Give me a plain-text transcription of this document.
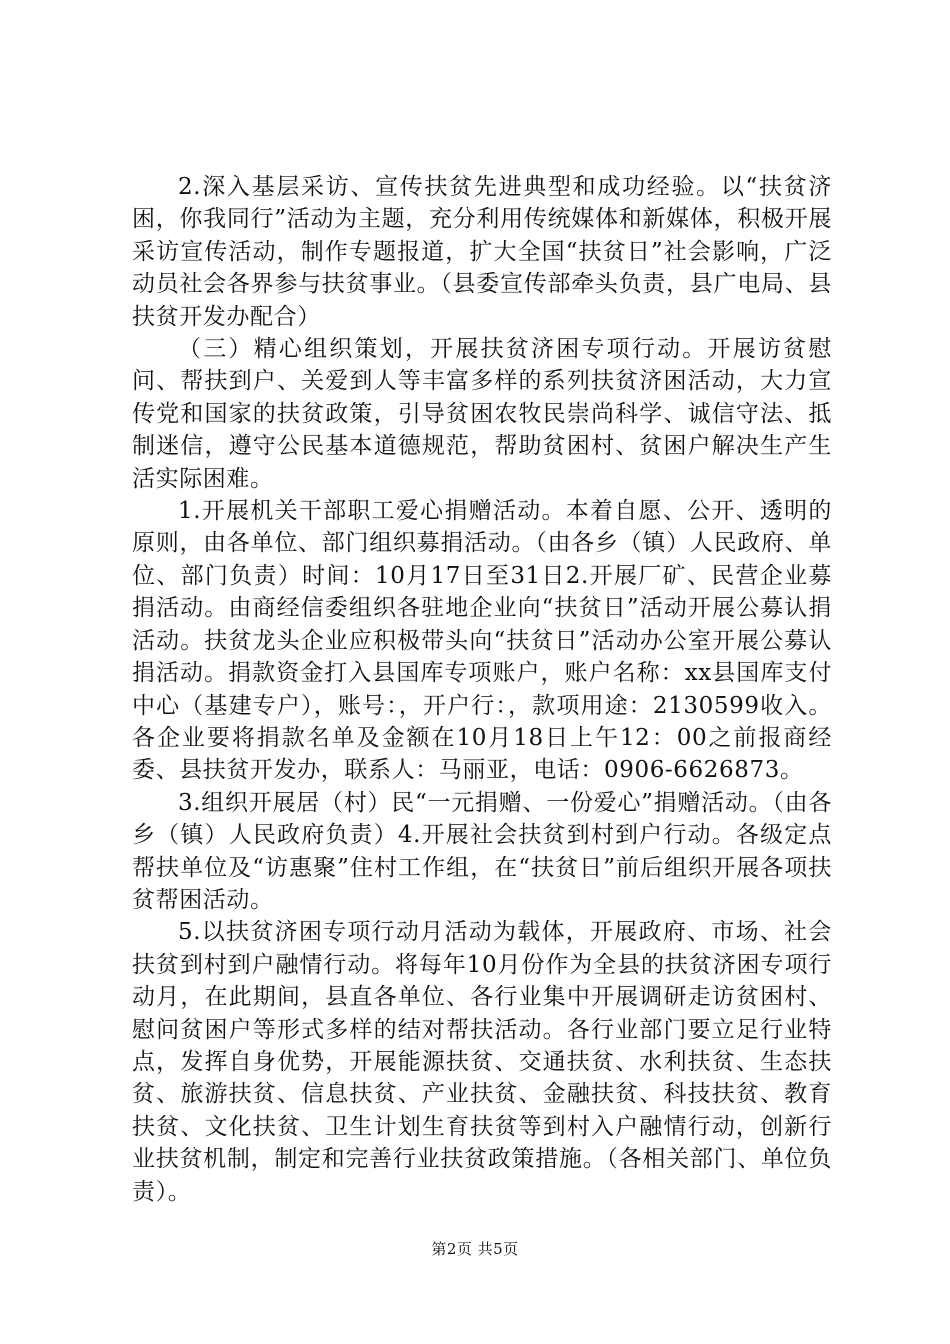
2.深入基层采访、宣传扶贫先进典型和成功经验。以“扶贫济困，你我同行”活动为主题，充分利用传统媒体和新媒体，积极开展采访宣传活动，制作专题报道，扩大全国“扶贫日”社会影响，广泛动员社会各界参与扶贫事业。（县委宣传部牵头负责，县广电局、县扶贫开发办配合）

（三）精心组织策划，开展扶贫济困专项行动。开展访贫慰问、帮扶到户、关爱到人等丰富多样的系列扶贫济困活动，大力宣传党和国家的扶贫政策，引导贫困农牧民崇尚科学、诚信守法、抵制迷信，遵守公民基本道德规范，帮助贫困村、贫困户解决生产生活实际困难。

1.开展机关干部职工爱心捐赠活动。本着自愿、公开、透明的原则，由各单位、部门组织募捐活动。（由各乡（镇）人民政府、单位、部门负责）时间：10月17日至31日2.开展厂矿、民营企业募捐活动。由商经信委组织各驻地企业向“扶贫日”活动开展公募认捐活动。扶贫龙头企业应积极带头向“扶贫日”活动办公室开展公募认捐活动。捐款资金打入县国库专项账户，账户名称：xx县国库支付中心（基建专户），账号：，开户行：，款项用途：2130599收入。各企业要将捐款名单及金额在10月18日上午12：00之前报商经委、县扶贫开发办，联系人：马丽亚，电话：0906-6626873。

3.组织开展居（村）民“一元捐赠、一份爱心”捐赠活动。（由各乡（镇）人民政府负责）4.开展社会扶贫到村到户行动。各级定点帮扶单位及“访惠聚”住村工作组，在“扶贫日”前后组织开展各项扶贫帮困活动。

5.以扶贫济困专项行动月活动为载体，开展政府、市场、社会扶贫到村到户融情行动。将每年10月份作为全县的扶贫济困专项行动月，在此期间，县直各单位、各行业集中开展调研走访贫困村、慰问贫困户等形式多样的结对帮扶活动。各行业部门要立足行业特点，发挥自身优势，开展能源扶贫、交通扶贫、水利扶贫、生态扶贫、旅游扶贫、信息扶贫、产业扶贫、金融扶贫、科技扶贫、教育扶贫、文化扶贫、卫生计划生育扶贫等到村入户融情行动，创新行业扶贫机制，制定和完善行业扶贫政策措施。（各相关部门、单位负责）。

第2页 共5页
